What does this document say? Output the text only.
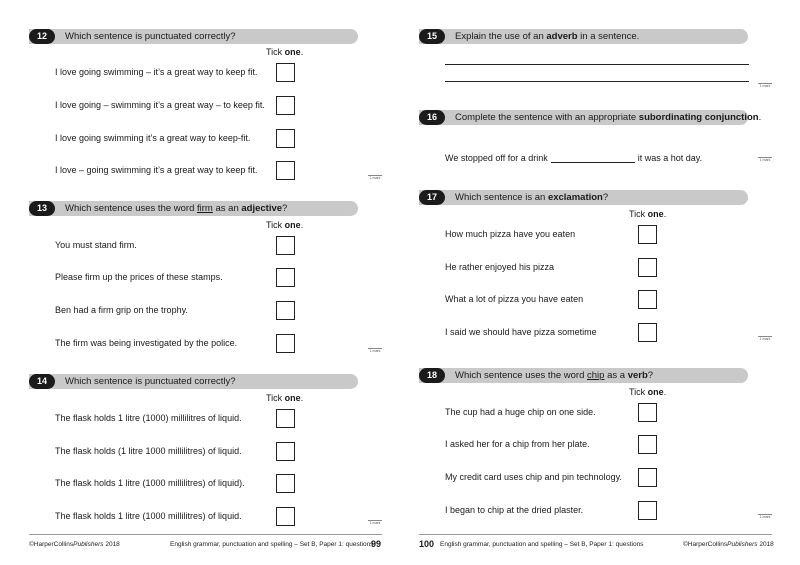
12	Which sentence is punctuated correctly?
Tick one.
I love going swimming – it’s a great way to keep fit.
I love going – swimming it’s a great way – to keep fit.
I love going swimming it’s a great way to keep-fit.
I love – going swimming it’s a great way to keep fit.
1 mark
13	Which sentence uses the word firm as an adjective?
Tick one.
You must stand firm.
Please firm up the prices of these stamps.
Ben had a firm grip on the trophy.
The firm was being investigated by the police.
1 mark
14	Which sentence is punctuated correctly?
Tick one.
The flask holds 1 litre (1000) millilitres of liquid.
The flask holds (1 litre 1000 millilitres) of liquid.
The flask holds 1 litre (1000 millilitres) of liquid).
The flask holds 1 litre (1000 millilitres) of liquid.
1 mark
©HarperCollinsPublishers 2018	English grammar, punctuation and spelling – Set B, Paper 1: questions
99
15	Explain the use of an adverb in a sentence.
1 mark
16	Complete the sentence with an appropriate subordinating conjunction.
We stopped off for a drink	it was a hot day.	1 mark
17	Which sentence is an exclamation?
Tick one.
How much pizza have you eaten
He rather enjoyed his pizza
What a lot of pizza you have eaten
I said we should have pizza sometime
1 mark
18	Which sentence uses the word chip as a verb?
Tick one.
The cup had a huge chip on one side.
I asked her for a chip from her plate.
My credit card uses chip and pin technology.
I began to chip at the dried plaster.
1 mark
100 English grammar, punctuation and spelling – Set B, Paper 1: questions	©HarperCollinsPublishers 2018
